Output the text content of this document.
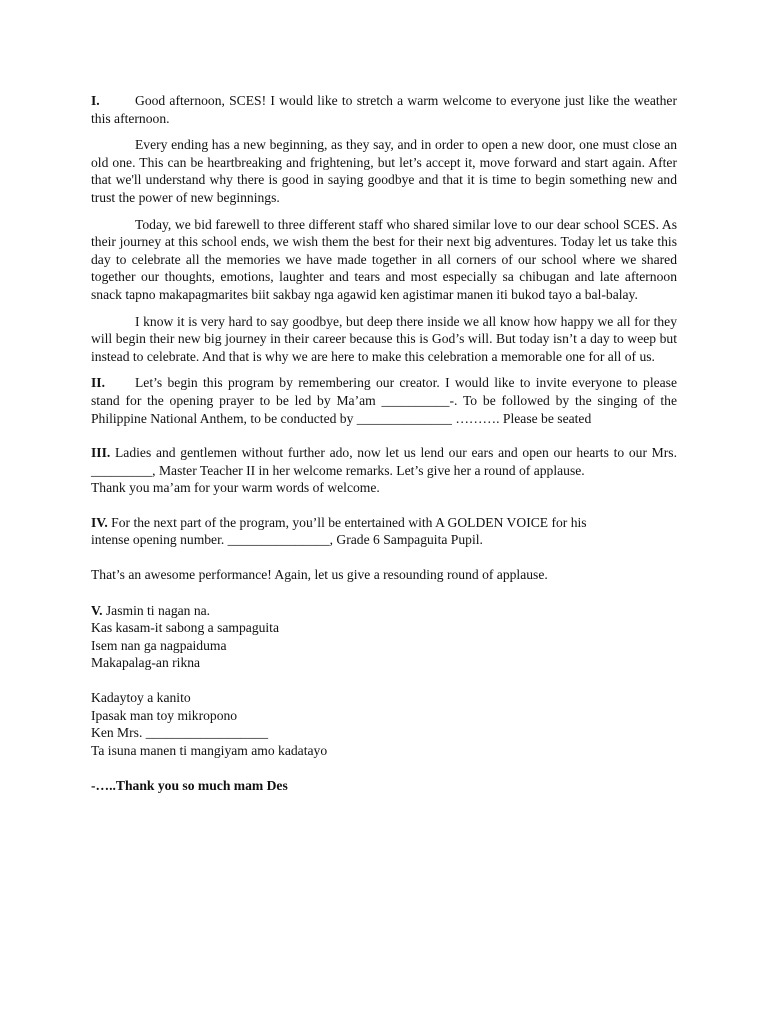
I.	Good afternoon, SCES! I would like to stretch a warm welcome to everyone just like the weather this afternoon.

Every ending has a new beginning, as they say, and in order to open a new door, one must close an old one. This can be heartbreaking and frightening, but let’s accept it, move forward and start again. After that we'll understand why there is good in saying goodbye and that it is time to begin something new and trust the power of new beginnings.

Today, we bid farewell to three different staff who shared similar love to our dear school SCES. As their journey at this school ends, we wish them the best for their next big adventures. Today let us take this day to celebrate all the memories we have made together in all corners of our school where we shared together our thoughts, emotions, laughter and tears and most especially sa chibugan and late afternoon snack tapno makapagmarites biit sakbay nga agawid ken agistimar manen iti bukod tayo a bal-balay.

I know it is very hard to say goodbye, but deep there inside we all know how happy we all for they will begin their new big journey in their career because this is God’s will. But today isn’t a day to weep but instead to celebrate. And that is why we are here to make this celebration a memorable one for all of us.

II. Let’s begin this program by remembering our creator. I would like to invite everyone to please stand for the opening prayer to be led by Ma’am __________-. To be followed by the singing of the Philippine National Anthem, to be conducted by ______________ ………. Please be seated

III. Ladies and gentlemen without further ado, now let us lend our ears and open our hearts to our Mrs. _________, Master Teacher II in her welcome remarks. Let’s give her a round of applause.

Thank you ma’am for your warm words of welcome.

IV. For the next part of the program, you’ll be entertained with A GOLDEN VOICE for his
intense opening number. _______________, Grade 6 Sampaguita Pupil.

That’s an awesome performance! Again, let us give a resounding round of applause.

V. Jasmin ti nagan na.
Kas kasam-it sabong a sampaguita
Isem nan ga nagpaiduma
Makapalag-an rikna

Kadaytoy a kanito
Ipasak man toy mikropono
Ken Mrs. __________________
Ta isuna manen ti mangiyam amo kadatayo

-…..Thank you so much mam Des
